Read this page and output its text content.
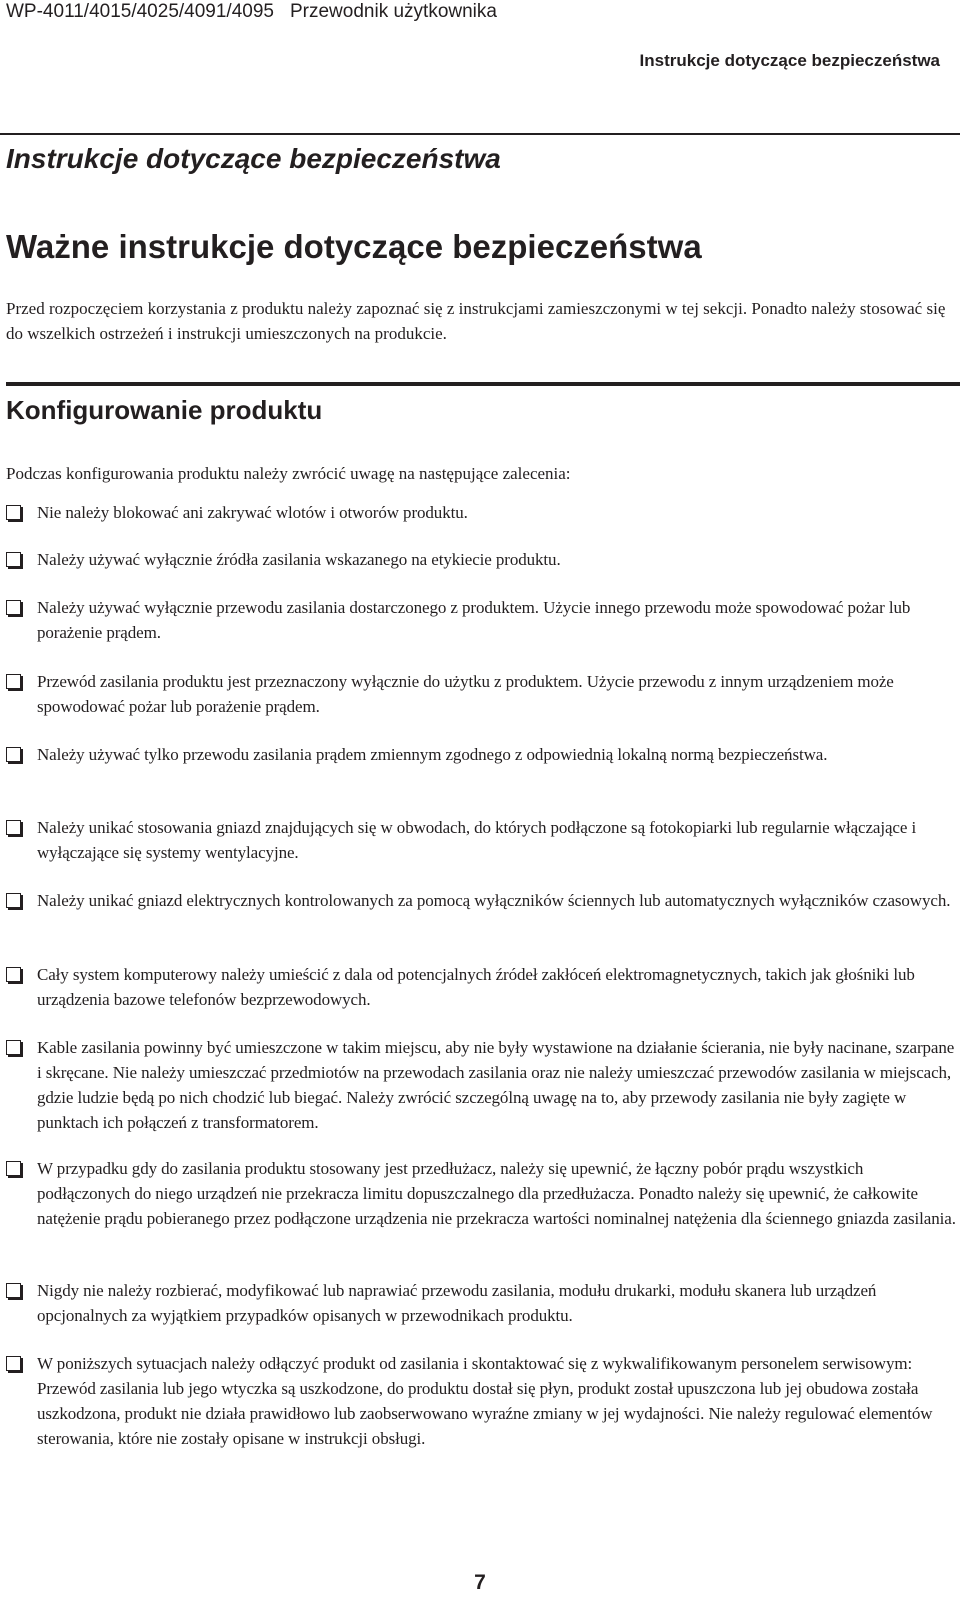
WP-4011/4015/4025/4091/4095 Przewodnik użytkownika
Instrukcje dotyczące bezpieczeństwa
Instrukcje dotyczące bezpieczeństwa
Ważne instrukcje dotyczące bezpieczeństwa

Przed rozpoczęciem korzystania z produktu należy zapoznać się z instrukcjami zamieszczonymi w tej sekcji. Ponadto należy stosować się do wszelkich ostrzeżeń i instrukcji umieszczonych na produkcie.

Konfigurowanie produktu
Podczas konfigurowania produktu należy zwrócić uwagę na następujące zalecenia:
Nie należy blokować ani zakrywać wlotów i otworów produktu.
Należy używać wyłącznie źródła zasilania wskazanego na etykiecie produktu.
Należy używać wyłącznie przewodu zasilania dostarczonego z produktem. Użycie innego przewodu może spowodować pożar lub porażenie prądem.
Przewód zasilania produktu jest przeznaczony wyłącznie do użytku z produktem. Użycie przewodu z innym urządzeniem może spowodować pożar lub porażenie prądem.
Należy używać tylko przewodu zasilania prądem zmiennym zgodnego z odpowiednią lokalną normą bezpieczeństwa.
Należy unikać stosowania gniazd znajdujących się w obwodach, do których podłączone są fotokopiarki lub regularnie włączające i wyłączające się systemy wentylacyjne.
Należy unikać gniazd elektrycznych kontrolowanych za pomocą wyłączników ściennych lub automatycznych wyłączników czasowych.
Cały system komputerowy należy umieścić z dala od potencjalnych źródeł zakłóceń elektromagnetycznych, takich jak głośniki lub urządzenia bazowe telefonów bezprzewodowych.
Kable zasilania powinny być umieszczone w takim miejscu, aby nie były wystawione na działanie ścierania, nie były nacinane, szarpane i skręcane. Nie należy umieszczać przedmiotów na przewodach zasilania oraz nie należy umieszczać przewodów zasilania w miejscach, gdzie ludzie będą po nich chodzić lub biegać. Należy zwrócić szczególną uwagę na to, aby przewody zasilania nie były zagięte w punktach ich połączeń z transformatorem.
W przypadku gdy do zasilania produktu stosowany jest przedłużacz, należy się upewnić, że łączny pobór prądu wszystkich podłączonych do niego urządzeń nie przekracza limitu dopuszczalnego dla przedłużacza. Ponadto należy się upewnić, że całkowite natężenie prądu pobieranego przez podłączone urządzenia nie przekracza wartości nominalnej natężenia dla ściennego gniazda zasilania.
Nigdy nie należy rozbierać, modyfikować lub naprawiać przewodu zasilania, modułu drukarki, modułu skanera lub urządzeń opcjonalnych za wyjątkiem przypadków opisanych w przewodnikach produktu.
W poniższych sytuacjach należy odłączyć produkt od zasilania i skontaktować się z wykwalifikowanym personelem serwisowym:
Przewód zasilania lub jego wtyczka są uszkodzone, do produktu dostał się płyn, produkt został upuszczona lub jej obudowa została uszkodzona, produkt nie działa prawidłowo lub zaobserwowano wyraźne zmiany w jej wydajności. Nie należy regulować elementów sterowania, które nie zostały opisane w instrukcji obsługi.
7
